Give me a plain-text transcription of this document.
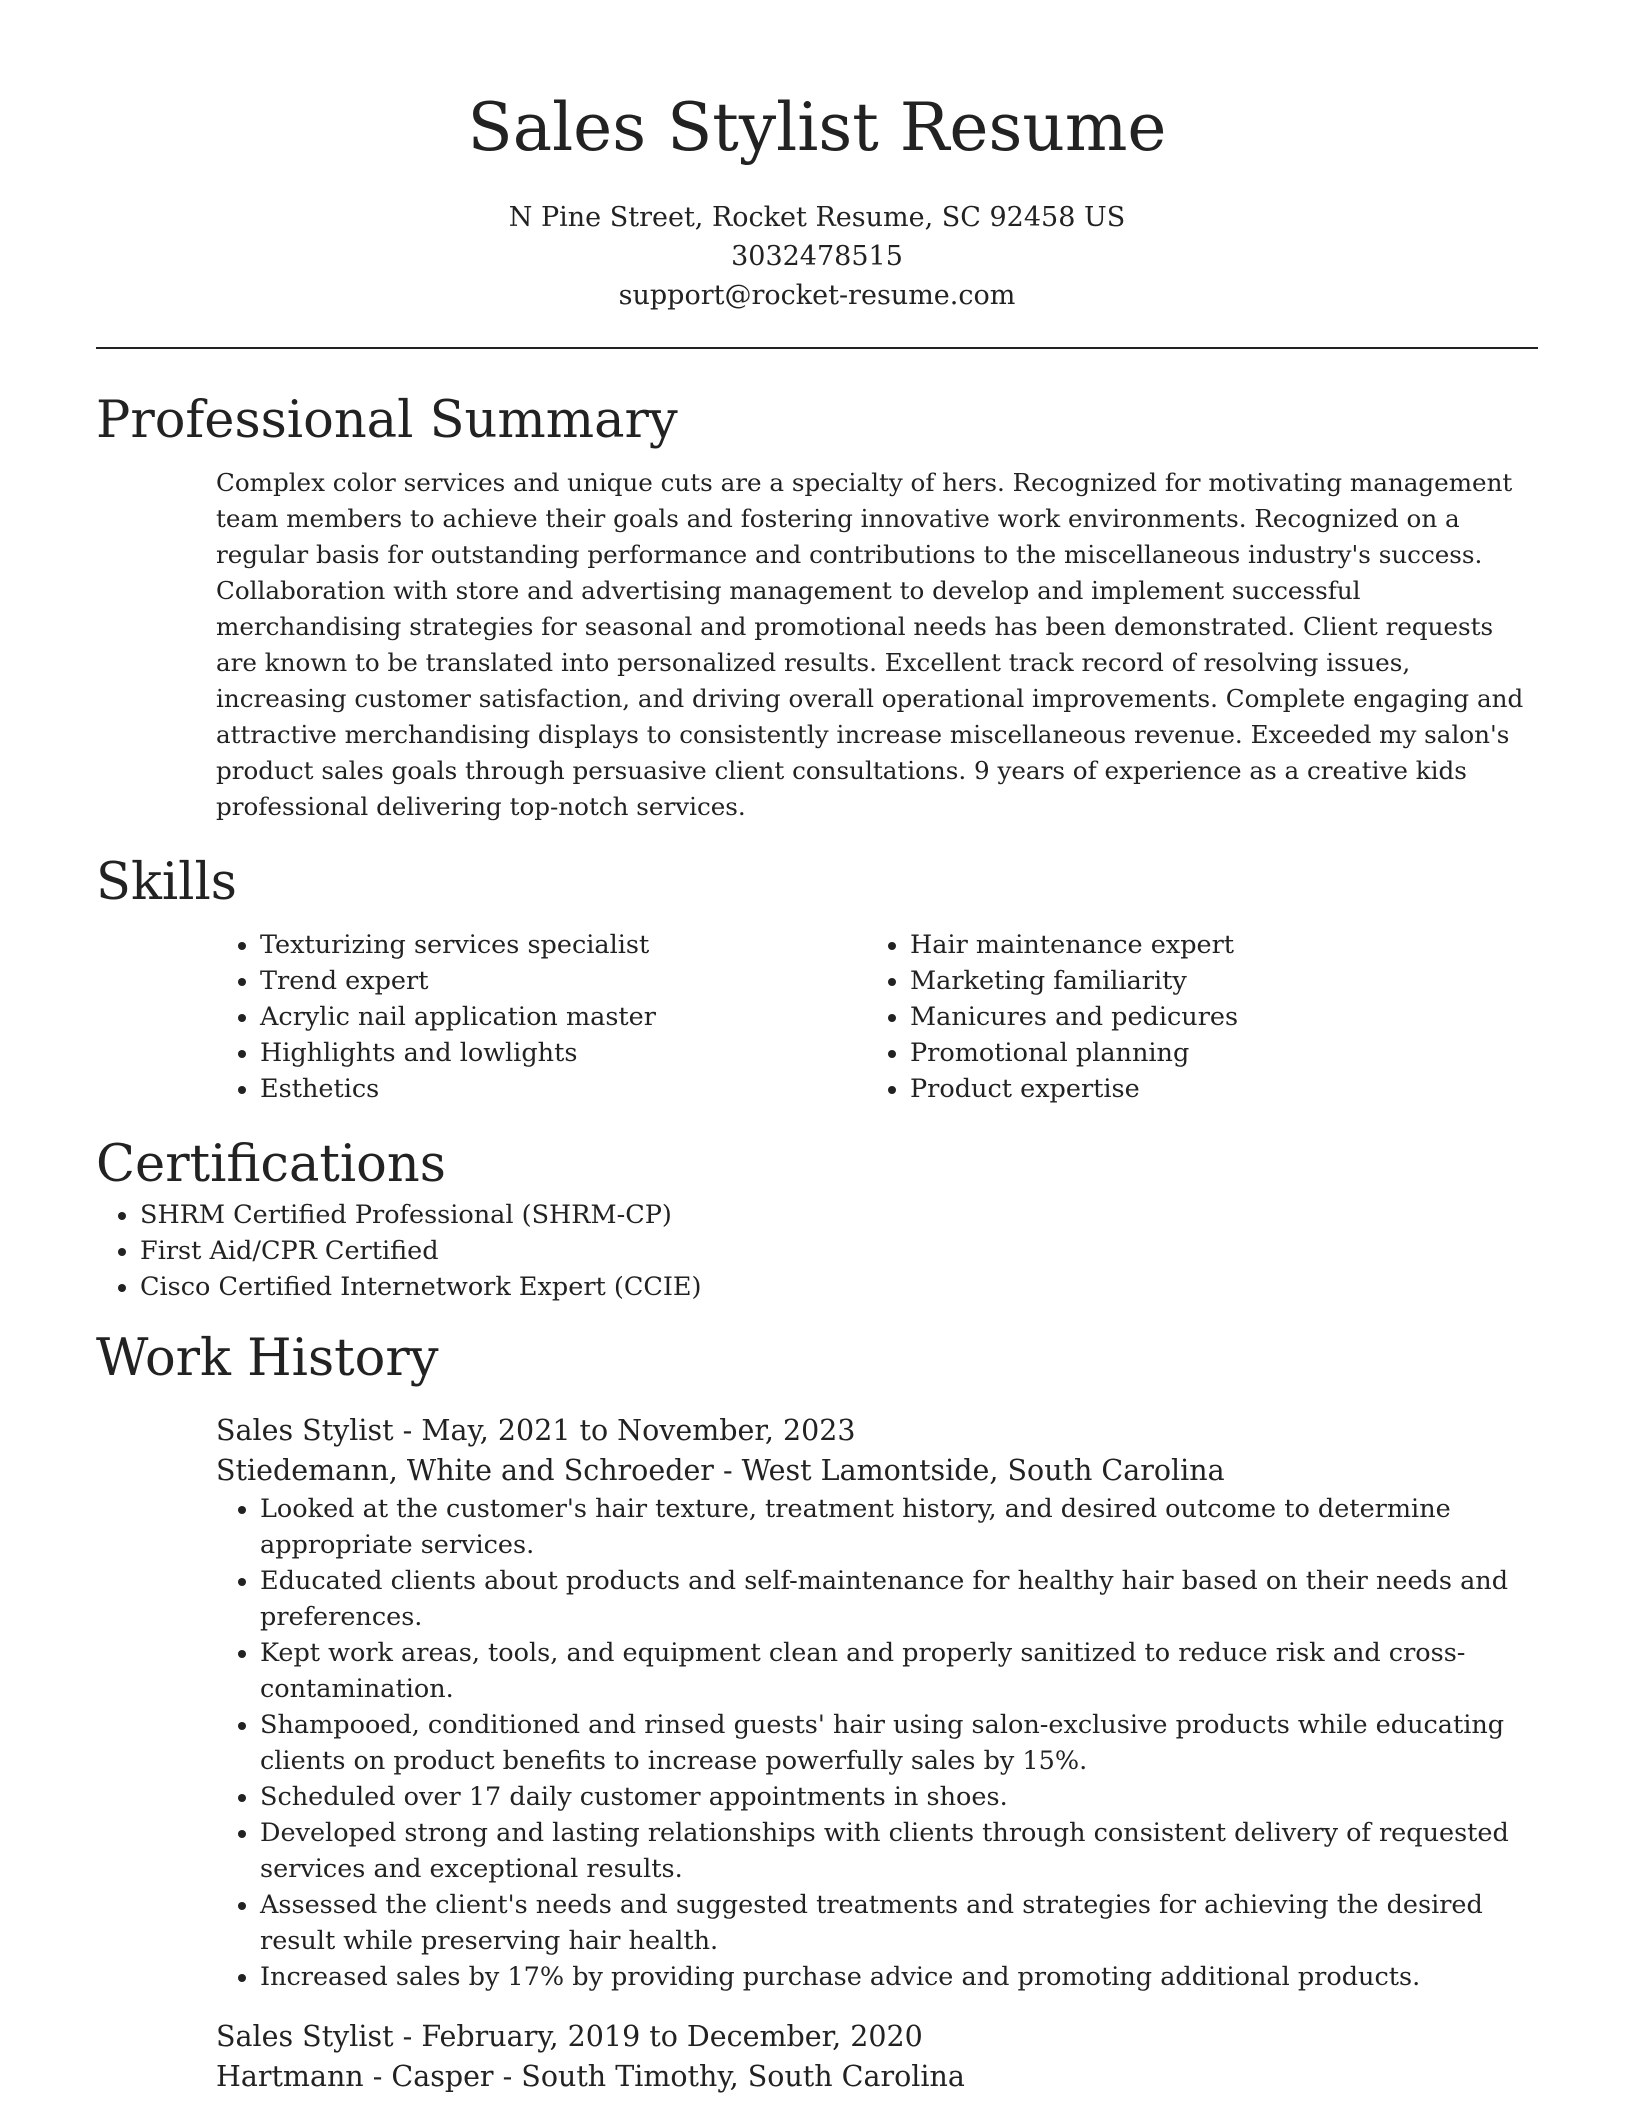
Sales Stylist Resume
N Pine Street, Rocket Resume, SC 92458 US
3032478515
support@rocket-resume.com
Professional Summary

Complex color services and unique cuts are a specialty of hers. Recognized for motivating management team members to achieve their goals and fostering innovative work environments. Recognized on a regular basis for outstanding performance and contributions to the miscellaneous industry's success. Collaboration with store and advertising management to develop and implement successful merchandising strategies for seasonal and promotional needs has been demonstrated. Client requests are known to be translated into personalized results. Excellent track record of resolving issues, increasing customer satisfaction, and driving overall operational improvements. Complete engaging and attractive merchandising displays to consistently increase miscellaneous revenue. Exceeded my salon's product sales goals through persuasive client consultations. 9 years of experience as a creative kids professional delivering top-notch services.

Skills
• Texturizing services specialist
• Trend expert
• Acrylic nail application master
• Highlights and lowlights
• Esthetics
• Hair maintenance expert
• Marketing familiarity
• Manicures and pedicures
• Promotional planning
• Product expertise
Certifications
• SHRM Certified Professional (SHRM-CP)
• First Aid/CPR Certified
• Cisco Certified Internetwork Expert (CCIE)
Work History
Sales Stylist - May, 2021 to November, 2023
Stiedemann, White and Schroeder - West Lamontside, South Carolina
• Looked at the customer's hair texture, treatment history, and desired outcome to determine appropriate services.
• Educated clients about products and self-maintenance for healthy hair based on their needs and preferences.
• Kept work areas, tools, and equipment clean and properly sanitized to reduce risk and cross-contamination.
• Shampooed, conditioned and rinsed guests' hair using salon-exclusive products while educating clients on product benefits to increase powerfully sales by 15%.
• Scheduled over 17 daily customer appointments in shoes.
• Developed strong and lasting relationships with clients through consistent delivery of requested services and exceptional results.
• Assessed the client's needs and suggested treatments and strategies for achieving the desired result while preserving hair health.
• Increased sales by 17% by providing purchase advice and promoting additional products.
Sales Stylist - February, 2019 to December, 2020
Hartmann - Casper - South Timothy, South Carolina
